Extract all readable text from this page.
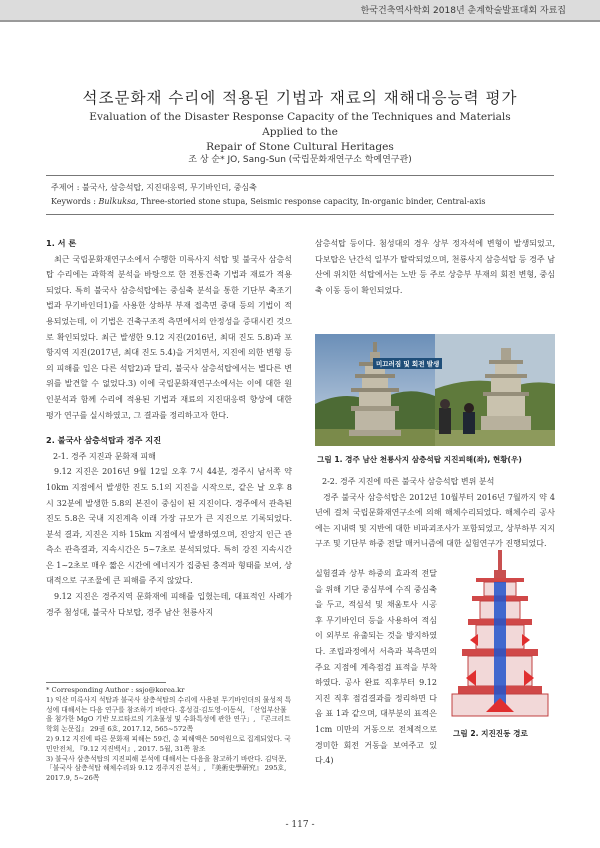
한국건축역사학회 2018년 춘계학술발표대회 자료집
석조문화재 수리에 적용된 기법과 재료의 재해대응능력 평가
Evaluation of the Disaster Response Capacity of the Techniques and Materials Applied to the
Repair of Stone Cultural Heritages
조 상 순* JO, Sang-Sun (국립문화재연구소 학예연구관)
주제어 : 불국사, 삼층석탑, 지진대응력, 무기바인더, 중심축
Keywords : Bulkuksa, Three-storied stone stupa, Seismic response capacity, In-organic binder, Central-axis

1. 서 론

최근 국립문화재연구소에서 수행한 미륵사지 석탑 및 불국사 삼층석탑 수리에는 과학적 분석을 바탕으로 한 전통건축 기법과 재료가 적용되었다. 특히 불국사 삼층석탑에는 중심축 분석을 통한 기단부 축조기법과 무기바인더1)를 사용한 상하부 부재 접촉면 중대 등의 기법이 적용되었는데, 이 기법은 건축구조적 측면에서의 안정성을 증대시킨 것으로 확인되었다. 최근 발생한 9.12 지진(2016년, 최대 진도 5.8)과 포항지역 지진(2017년, 최대 진도 5.4)을 거치면서, 지진에 의한 변형 등의 피해를 입은 다른 석탑2)과 달리, 불국사 삼층석탑에서는 별다른 변위를 발견할 수 없었다.3) 이에 국립문화재연구소에서는 이에 대한 원인분석과 함께 수리에 적용된 기법과 재료의 지진대응력 향상에 대한 평가 연구를 실시하였고, 그 결과를 정리하고자 한다.

2. 불국사 삼층석탑과 경주 지진

2-1. 경주 지진과 문화재 피해

9.12 지진은 2016년 9월 12일 오후 7시 44분, 경주시 남서쪽 약 10km 지점에서 발생한 진도 5.1의 지진을 시작으로, 같은 날 오후 8시 32분에 발생한 5.8의 본진이 중심이 된 지진이다. 경주에서 관측된 진도 5.8은 국내 지진계측 이래 가장 규모가 큰 지진으로 기록되었다. 분석 결과, 지진은 지하 15km 지점에서 발생하였으며, 진앙지 인근 관측소 관측결과, 지속시간은 5~7초로 분석되었다. 특히 강진 지속시간은 1~2초로 매우 짧은 시간에 에너지가 집중된 충격파 형태를 보여, 상대적으로 구조물에 큰 피해를 주지 않았다.

9.12 지진은 경주지역 문화재에 피해를 입혔는데, 대표적인 사례가 경주 첨성대, 불국사 다보탑, 경주 남산 천룡사지

* Corresponding Author : ssjo@korea.kr

1) 익산 미륵사지 석탑과 불국사 삼층석탑의 수리에 사용된 무기바인더의 물성적 특성에 대해서는 다음 연구를 참조하기 바란다. 홍성걸·김도영·이동식, 「산업부산물을 첨가한 MgO 기반 모르타르의 기초물성 및 수화특성에 관한 연구」, 『콘크리트학회 논문집』 29권 6호, 2017.12, 565~572쪽

2) 9.12 지진에 따른 문화재 피해는 59건, 총 피해액은 50억원으로 집계되었다. 국민안전처, 『9.12 지진백서』, 2017. 5월, 31쪽 참조

3) 불국사 삼층석탑의 지진피해 분석에 대해서는 다음을 참고하기 바란다. 김덕문, 「불국사 삼층석탑 해체수리와 9.12 경주지진 분석」, 『美術史學硏究』 295호, 2017.9, 5~26쪽

삼층석탑 등이다. 첨성대의 경우 상부 정자석에 변형이 발생되었고, 다보탑은 난간석 일부가 탈락되었으며, 천룡사지 삼층석탑 등 경주 남산에 위치한 석탑에서는 노반 등 주로 상층부 부재의 회전 변형, 중심축 이동 등이 확인되었다.

미끄러짐 및 회전 발생
그림 1. 경주 남산 천룡사지 삼층석탑 지진피해(좌), 현황(우)

2-2. 경주 지진에 따른 불국사 삼층석탑 변위 분석

경주 불국사 삼층석탑은 2012년 10월부터 2016년 7월까지 약 4년에 걸쳐 국립문화재연구소에 의해 해체수리되었다. 해체수리 공사에는 지내력 및 지반에 대한 비파괴조사가 포함되었고, 상부하부 지지구조 및 기단부 하중 전달 매커니즘에 대한 실험연구가 진행되었다.

실험결과 상부 하중의 효과적 전달을 위해 기단 중심부에 수직 중심축을 두고, 적심석 및 채움토사 시공 후 무기바인더 등을 사용하여 적심이 외부로 유출되는 것을 방지하였다. 조립과정에서 서측과 북측면의 주요 지점에 계측점검 표적을 부착하였다. 공사 완료 직후부터 9.12 지진 직후 점검결과를 정리하면 다음 표 1과 같으며, 대부분의 표적은 1cm 미만의 거동으로 전체적으로 경미한 회전 거동을 보여주고 있다.4)

그림 2. 지진진동 경로
- 117 -
